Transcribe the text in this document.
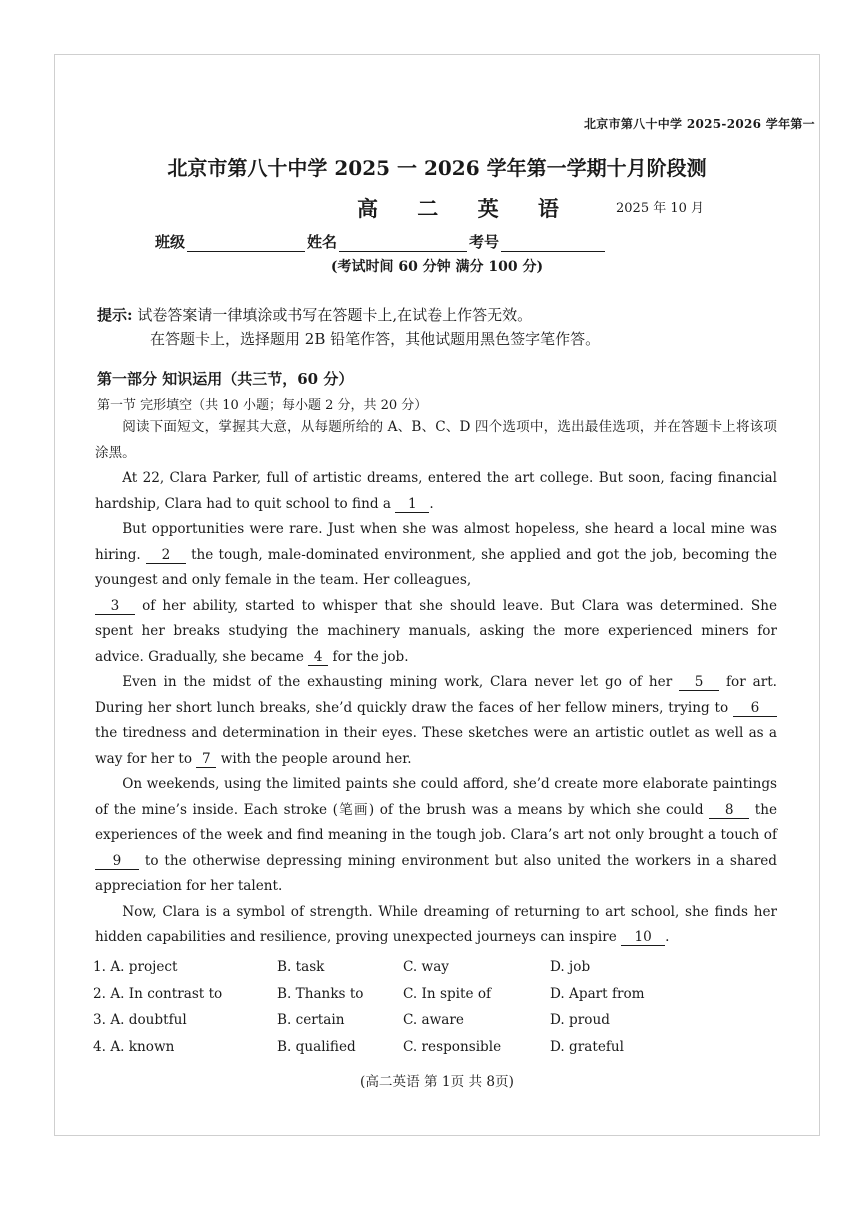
北京市第八十中学 2025-2026 学年第一
北京市第八十中学 2025 一 2026 学年第一学期十月阶段测
高 二 英 语	2025 年 10 月
班级	姓名	考号
(考试时间 60 分钟 满分 100 分)
提示: 试卷答案请一律填涂或书写在答题卡上,在试卷上作答无效。
在答题卡上，选择题用 2B 铅笔作答，其他试题用黑色签字笔作答。
第一部分 知识运用（共三节，60 分）
第一节 完形填空（共 10 小题；每小题 2 分，共 20 分）

阅读下面短文，掌握其大意，从每题所给的 A、B、C、D 四个选项中，选出最佳选项，并在答题卡上将该项涂黑。

At 22, Clara Parker, full of artistic dreams, entered the art college. But soon, facing financial hardship, Clara had to quit school to find a 1 .

But opportunities were rare. Just when she was almost hopeless, she heard a local mine was hiring. 2 the tough, male-dominated environment, she applied and got the job, becoming the youngest and only female in the team. Her colleagues,

3 of her ability, started to whisper that she should leave. But Clara was determined. She spent her breaks studying the machinery manuals, asking the more experienced miners for advice. Gradually, she became 4 for the job.

Even in the midst of the exhausting mining work, Clara never let go of her 5 for art. During her short lunch breaks, she’d quickly draw the faces of her fellow miners, trying to 6 the tiredness and determination in their eyes. These sketches were an artistic outlet as well as a way for her to 7 with the people around her.

On weekends, using the limited paints she could afford, she’d create more elaborate paintings of the mine’s inside. Each stroke (笔画) of the brush was a means by which she could 8 the experiences of the week and find meaning in the tough job. Clara’s art not only brought a touch of 9 to the otherwise depressing mining environment but also united the workers in a shared appreciation for her talent.

Now, Clara is a symbol of strength. While dreaming of returning to art school, she finds her hidden capabilities and resilience, proving unexpected journeys can inspire 10 .

1. A. project	B. task	C. way	D. job
2. A. In contrast to	B. Thanks to	C. In spite of	D. Apart from
3. A. doubtful	B. certain	C. aware	D. proud
4. A. known	B. qualified	C. responsible	D. grateful
(高二英语 第 1页 共 8页)
